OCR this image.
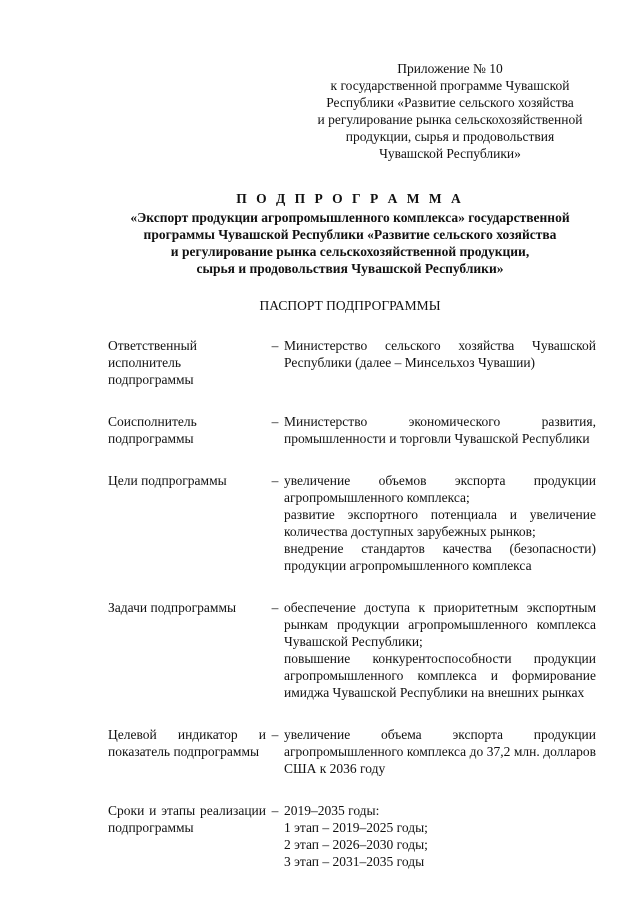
Приложение № 10
к государственной программе Чувашской
Республики «Развитие сельского хозяйства
и регулирование рынка сельскохозяйственной
продукции, сырья и продовольствия
Чувашской Республики»
П О Д П Р О Г Р А М М А
«Экспорт продукции агропромышленного комплекса» государственной
программы Чувашской Республики «Развитие сельского хозяйства
и регулирование рынка сельскохозяйственной продукции,
сырья и продовольствия Чувашской Республики»
ПАСПОРТ ПОДПРОГРАММЫ
Ответственный исполнитель подпрограммы
– Министерство сельского хозяйства Чувашской Республики (далее – Минсельхоз Чувашии)
Соисполнитель подпрограммы
– Министерство экономического развития, промышленности и торговли Чувашской Республики
Цели подпрограммы	– увеличение объемов экспорта продукции агропромышленного комплекса;
развитие экспортного потенциала и увеличение количества доступных зарубежных рынков;
внедрение стандартов качества (безопасности) продукции агропромышленного комплекса
Задачи подпрограммы	– обеспечение доступа к приоритетным экспортным рынкам продукции агропромышленного комплекса Чувашской Республики;
повышение конкурентоспособности продукции агропромышленного комплекса и формирование имиджа Чувашской Республики на внешних рынках
Целевой индикатор и показатель подпрограммы
– увеличение объема экспорта продукции агропромышленного комплекса до 37,2 млн. долларов США к 2036 году
Сроки и этапы реализации подпрограммы
– 2019–2035 годы:
1 этап – 2019–2025 годы;
2 этап – 2026–2030 годы;
3 этап – 2031–2035 годы
